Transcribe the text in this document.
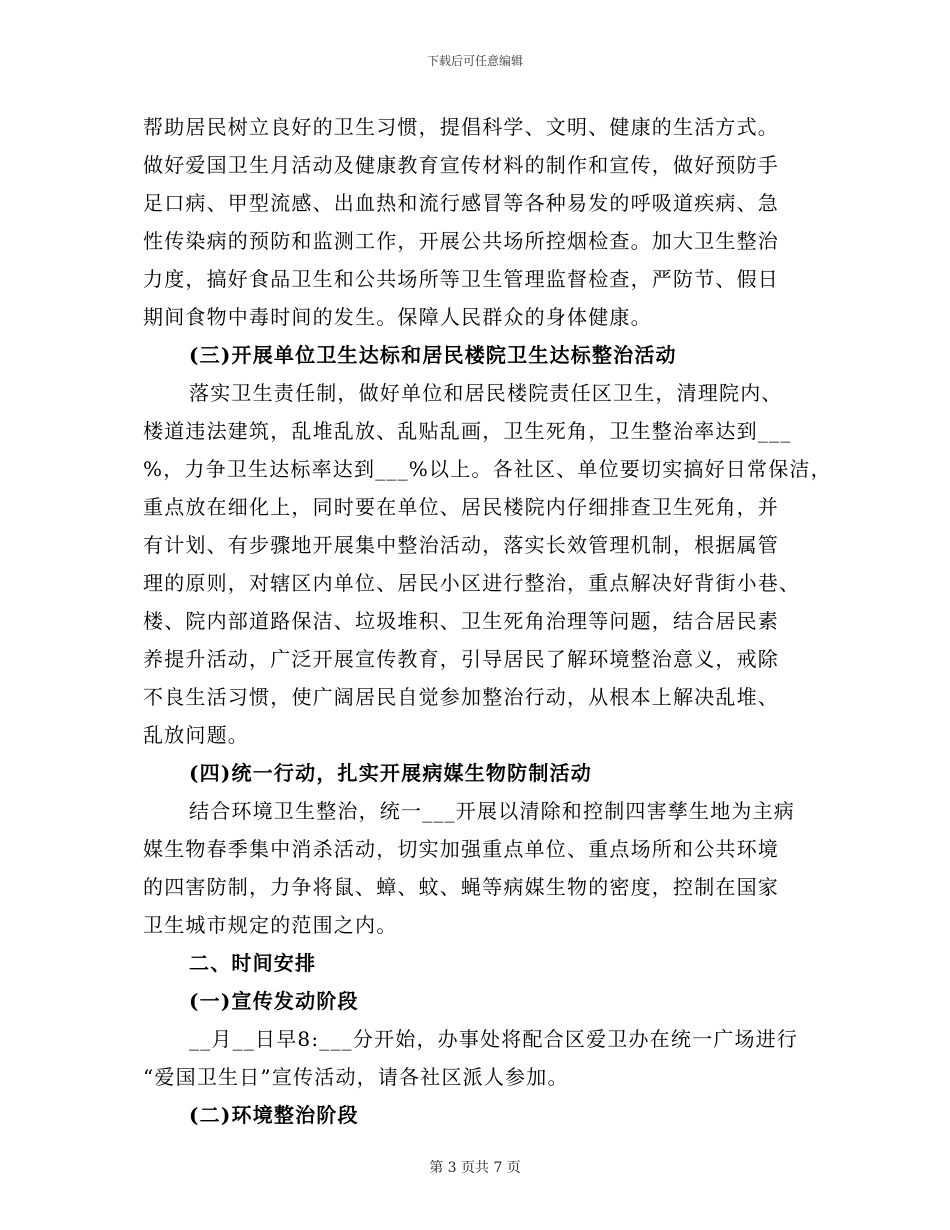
下载后可任意编辑
帮助居民树立良好的卫生习惯，提倡科学、文明、健康的生活方式。
做好爱国卫生月活动及健康教育宣传材料的制作和宣传，做好预防手
足口病、甲型流感、出血热和流行感冒等各种易发的呼吸道疾病、急
性传染病的预防和监测工作，开展公共场所控烟检查。加大卫生整治
力度，搞好食品卫生和公共场所等卫生管理监督检查，严防节、假日
期间食物中毒时间的发生。保障人民群众的身体健康。
(三)开展单位卫生达标和居民楼院卫生达标整治活动
落实卫生责任制，做好单位和居民楼院责任区卫生，清理院内、
楼道违法建筑，乱堆乱放、乱贴乱画，卫生死角，卫生整治率达到___
%，力争卫生达标率达到___%以上。各社区、单位要切实搞好日常保洁，
重点放在细化上，同时要在单位、居民楼院内仔细排查卫生死角，并
有计划、有步骤地开展集中整治活动，落实长效管理机制，根据属管
理的原则，对辖区内单位、居民小区进行整治，重点解决好背街小巷、
楼、院内部道路保洁、垃圾堆积、卫生死角治理等问题，结合居民素
养提升活动，广泛开展宣传教育，引导居民了解环境整治意义，戒除
不良生活习惯，使广阔居民自觉参加整治行动，从根本上解决乱堆、
乱放问题。
(四)统一行动，扎实开展病媒生物防制活动
结合环境卫生整治，统一___开展以清除和控制四害孳生地为主病
媒生物春季集中消杀活动，切实加强重点单位、重点场所和公共环境
的四害防制，力争将鼠、蟑、蚊、蝇等病媒生物的密度，控制在国家
卫生城市规定的范围之内。
二、时间安排
(一)宣传发动阶段
__月__日早8:___分开始，办事处将配合区爱卫办在统一广场进行
“爱国卫生日”宣传活动，请各社区派人参加。
(二)环境整治阶段
第 3 页共 7 页
